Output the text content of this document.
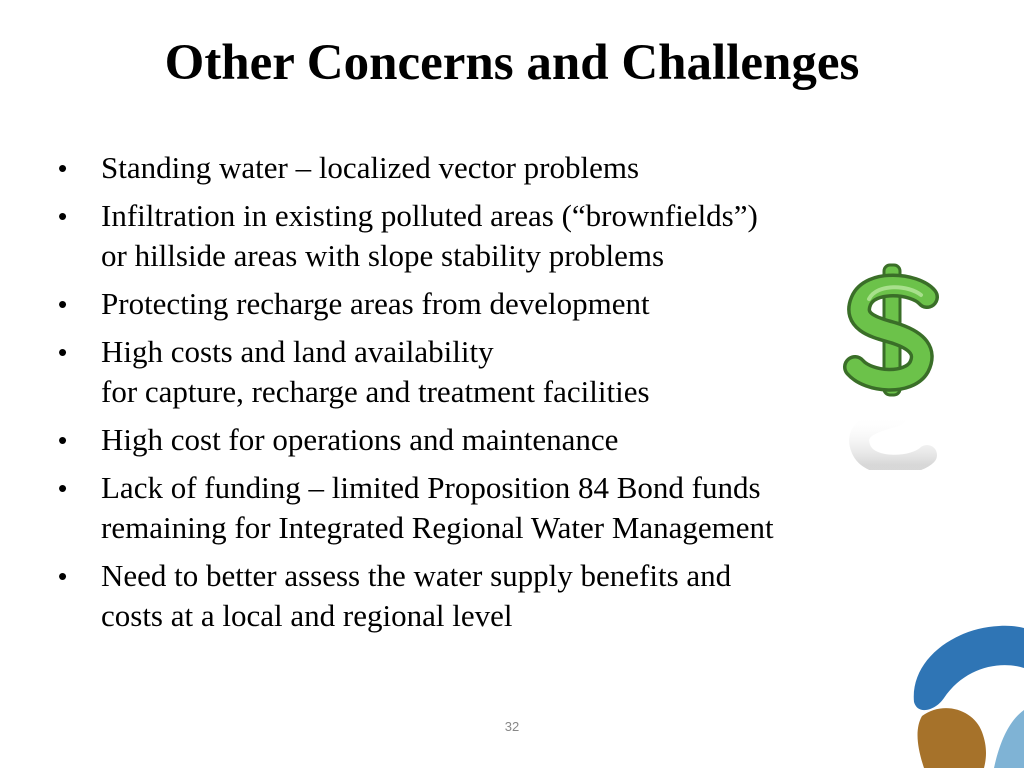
Other Concerns and Challenges
•	Standing water – localized vector problems
•	Infiltration in existing polluted areas (“brownfields”)
or hillside areas with slope stability problems
•	Protecting recharge areas from development
•	High costs and land availability
for capture, recharge and treatment facilities
•	High cost for operations and maintenance
•	Lack of funding – limited Proposition 84 Bond funds
remaining for Integrated Regional Water Management
•	Need to better assess the water supply benefits and
costs at a local and regional level
32
